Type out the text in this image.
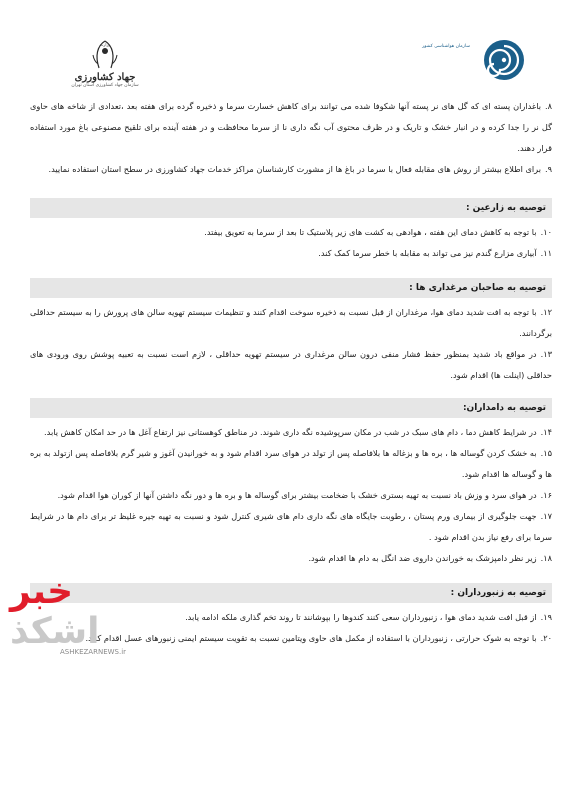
وزارت
جهاد کشاورزی
سازمان جهاد کشاورزی استان تهران
سازمان هواشناسی کشور
۸.باغداران پسته ای که گل های نر پسته آنها شکوفا شده می توانند برای کاهش خسارت سرما و ذخیره گرده برای هفته بعد ،تعدادی از شاخه های حاوی گل نر را جدا کرده و در انبار خشک و تاریک و در ظرف محتوی آب نگه داری نا از سرما محافظت و در هفته آینده برای تلقیح مصنوعی باغ مورد استفاده قرار دهند.
۹.برای اطلاع بیشتر از روش های مقابله فعال با سرما در باغ ها از مشورت کارشناسان مراکز خدمات جهاد کشاورزی در سطح استان استفاده نمایید.
توصیه به زارعین :
۱۰.با توجه به کاهش دمای این هفته ، هوادهی به کشت های زیر پلاستیک تا بعد از سرما به تعویق بیفتد.
۱۱.آبیاری مزارع گندم نیز می تواند به مقابله با خطر سرما کمک کند.
توصیه به صاحبان مرغداری ها :
۱۲.با توجه به افت شدید دمای هوا، مرغداران از قبل نسبت به ذخیره سوخت اقدام کنند و تنظیمات سیستم تهویه سالن های پرورش را به سیستم حداقلی برگردانند.
۱۳.در مواقع باد شدید بمنظور حفظ فشار منفی درون سالن مرغداری در سیستم تهویه حداقلی ، لازم است نسبت به تعبیه پوشش روی ورودی های حداقلی (اینلت ها) اقدام شود.
توصیه به دامداران:
۱۴.در شرایط کاهش دما ، دام های سبک در شب در مکان سرپوشیده نگه داری شوند. در مناطق کوهستانی نیز ارتفاع آغل ها در حد امکان کاهش یابد.
۱۵.به خشک کردن گوساله ها ، بره ها و بزغاله ها بلافاصله پس از تولد در هوای سرد اقدام شود و به خورانیدن آغوز و شیر گرم بلافاصله پس ازتولد به بره ها و گوساله ها اقدام شود.
۱۶.در هوای سرد و وزش باد نسبت به تهیه بستری خشک با ضخامت بیشتر برای گوساله ها و بره ها و دور نگه داشتن آنها از کوران هوا اقدام شود.
۱۷.جهت جلوگیری از بیماری ورم پستان ، رطوبت جایگاه های نگه داری دام های شیری کنترل شود و نسبت به تهیه جیره غلیظ تر برای دام ها در شرایط سرما برای رفع نیاز بدن اقدام شود .
۱۸.زیر نظر دامپزشک به خوراندن داروی ضد انگل به دام ها اقدام شود.
توصیه به زنبورداران :
۱۹.از قبل افت شدید دمای هوا ، زنبورداران سعی کنند کندوها را بپوشانند تا روند تخم گذاری ملکه ادامه یابد.
۲۰.با توجه به شوک حرارتی ، زنبورداران با استفاده از مکمل های حاوی ویتامین نسبت به تقویت سیستم ایمنی زنبورهای عسل اقدام کنند.
خبر اشکذ
ASHKEZARNEWS.ir
